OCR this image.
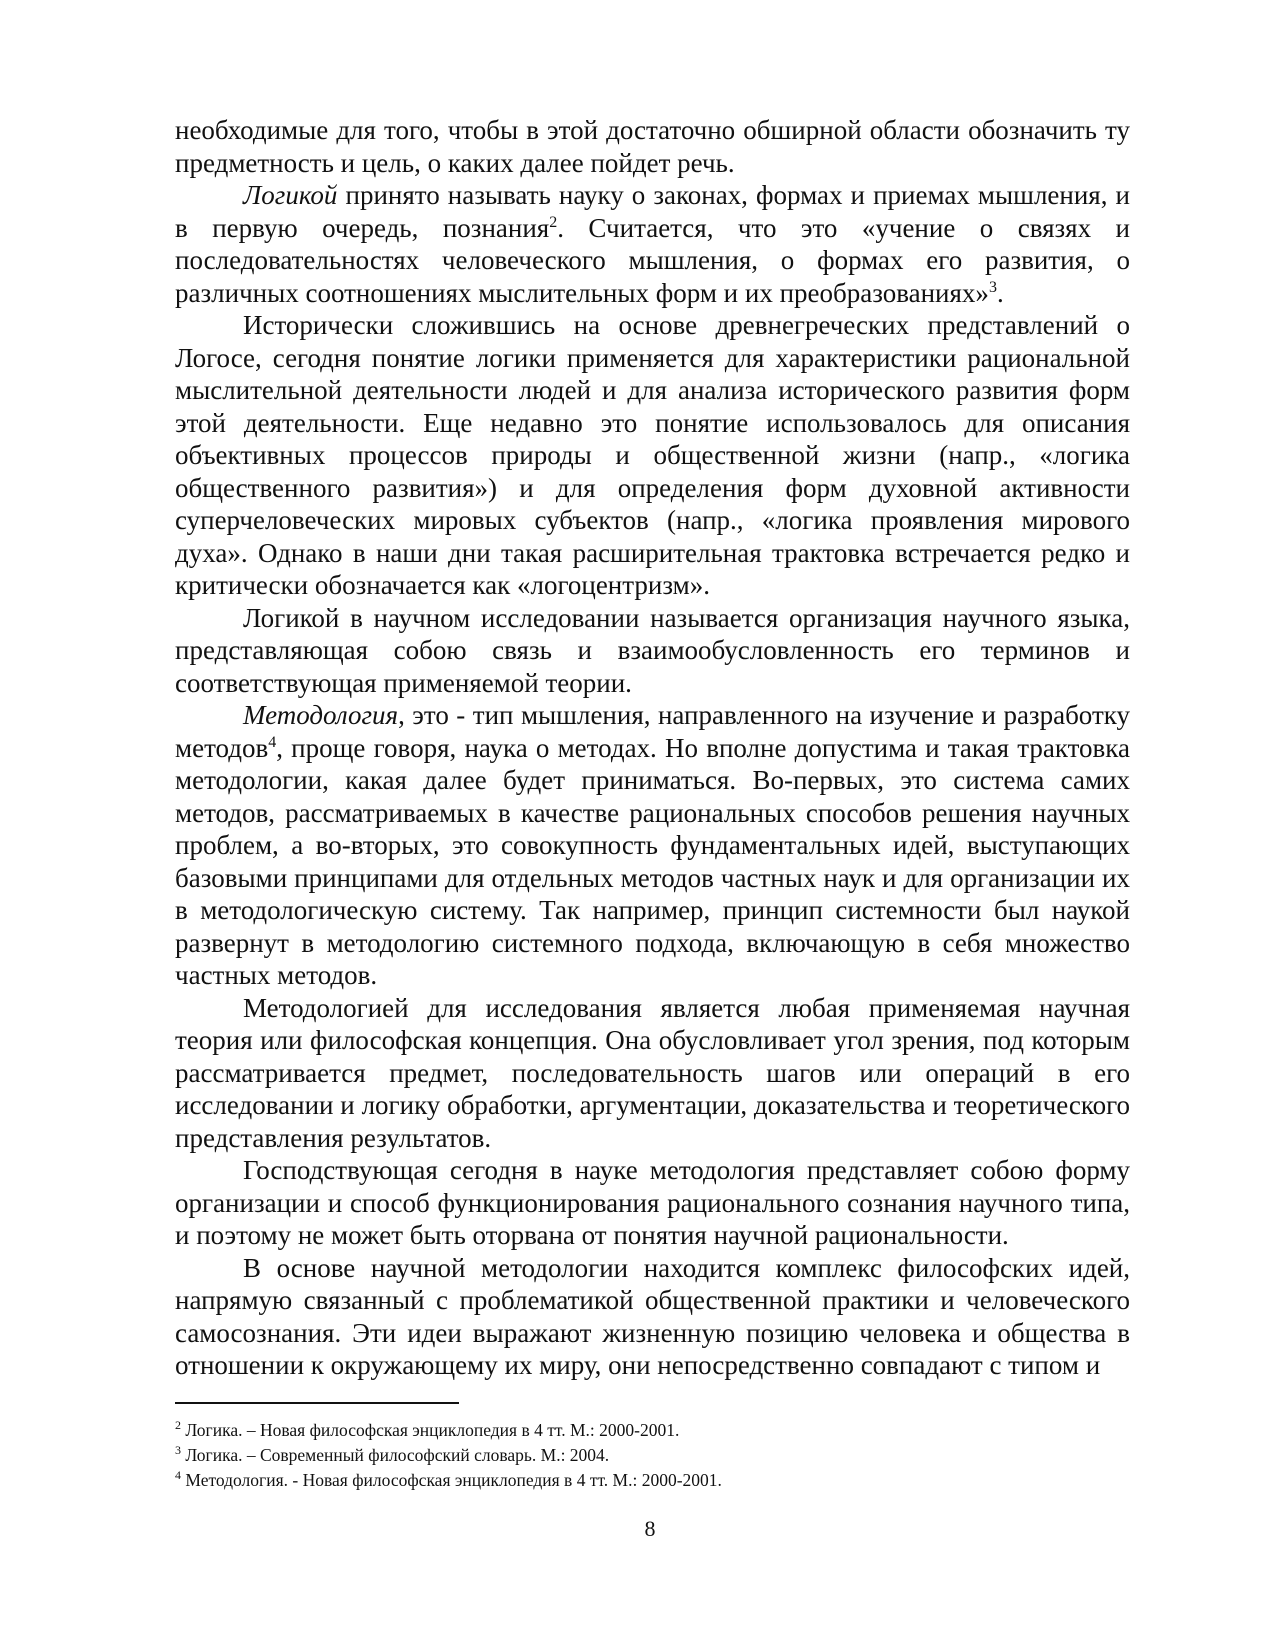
необходимые для того, чтобы в этой достаточно обширной области обозначить ту предметность и цель, о каких далее пойдет речь.

Логикой принято называть науку о законах, формах и приемах мышления, и в первую очередь, познания$^2$. Считается, что это «учение о связях и последовательностях человеческого мышления, о формах его развития, о различных соотношениях мыслительных форм и их преобразованиях»$^3$.

Исторически сложившись на основе древнегреческих представлений о Логосе, сегодня понятие логики применяется для характеристики рациональной мыслительной деятельности людей и для анализа исторического развития форм этой деятельности. Еще недавно это понятие использовалось для описания объективных процессов природы и общественной жизни (напр., «логика общественного развития») и для определения форм духовной активности суперчеловеческих мировых субъектов (напр., «логика проявления мирового духа». Однако в наши дни такая расширительная трактовка встречается редко и критически обозначается как «логоцентризм».

Логикой в научном исследовании называется организация научного языка, представляющая собою связь и взаимообусловленность его терминов и соответствующая применяемой теории.

Методология, это - тип мышления, направленного на изучение и разработку методов$^4$, проще говоря, наука о методах. Но вполне допустима и такая трактовка методологии, какая далее будет приниматься. Во-первых, это система самих методов, рассматриваемых в качестве рациональных способов решения научных проблем, а во-вторых, это совокупность фундаментальных идей, выступающих базовыми принципами для отдельных методов частных наук и для организации их в методологическую систему. Так например, принцип системности был наукой развернут в методологию системного подхода, включающую в себя множество частных методов.

Методологией для исследования является любая применяемая научная теория или философская концепция. Она обусловливает угол зрения, под которым рассматривается предмет, последовательность шагов или операций в его исследовании и логику обработки, аргументации, доказательства и теоретического представления результатов.

Господствующая сегодня в науке методология представляет собою форму организации и способ функционирования рационального сознания научного типа, и поэтому не может быть оторвана от понятия научной рациональности.

В основе научной методологии находится комплекс философских идей, напрямую связанный с проблематикой общественной практики и человеческого самосознания. Эти идеи выражают жизненную позицию человека и общества в отношении к окружающему их миру, они непосредственно совпадают с типом и

$^2$ Логика. – Новая философская энциклопедия в 4 тт. М.: 2000-2001.

$^3$ Логика. – Современный философский словарь. М.: 2004.

$^4$ Методология. - Новая философская энциклопедия в 4 тт. М.: 2000-2001.

8
